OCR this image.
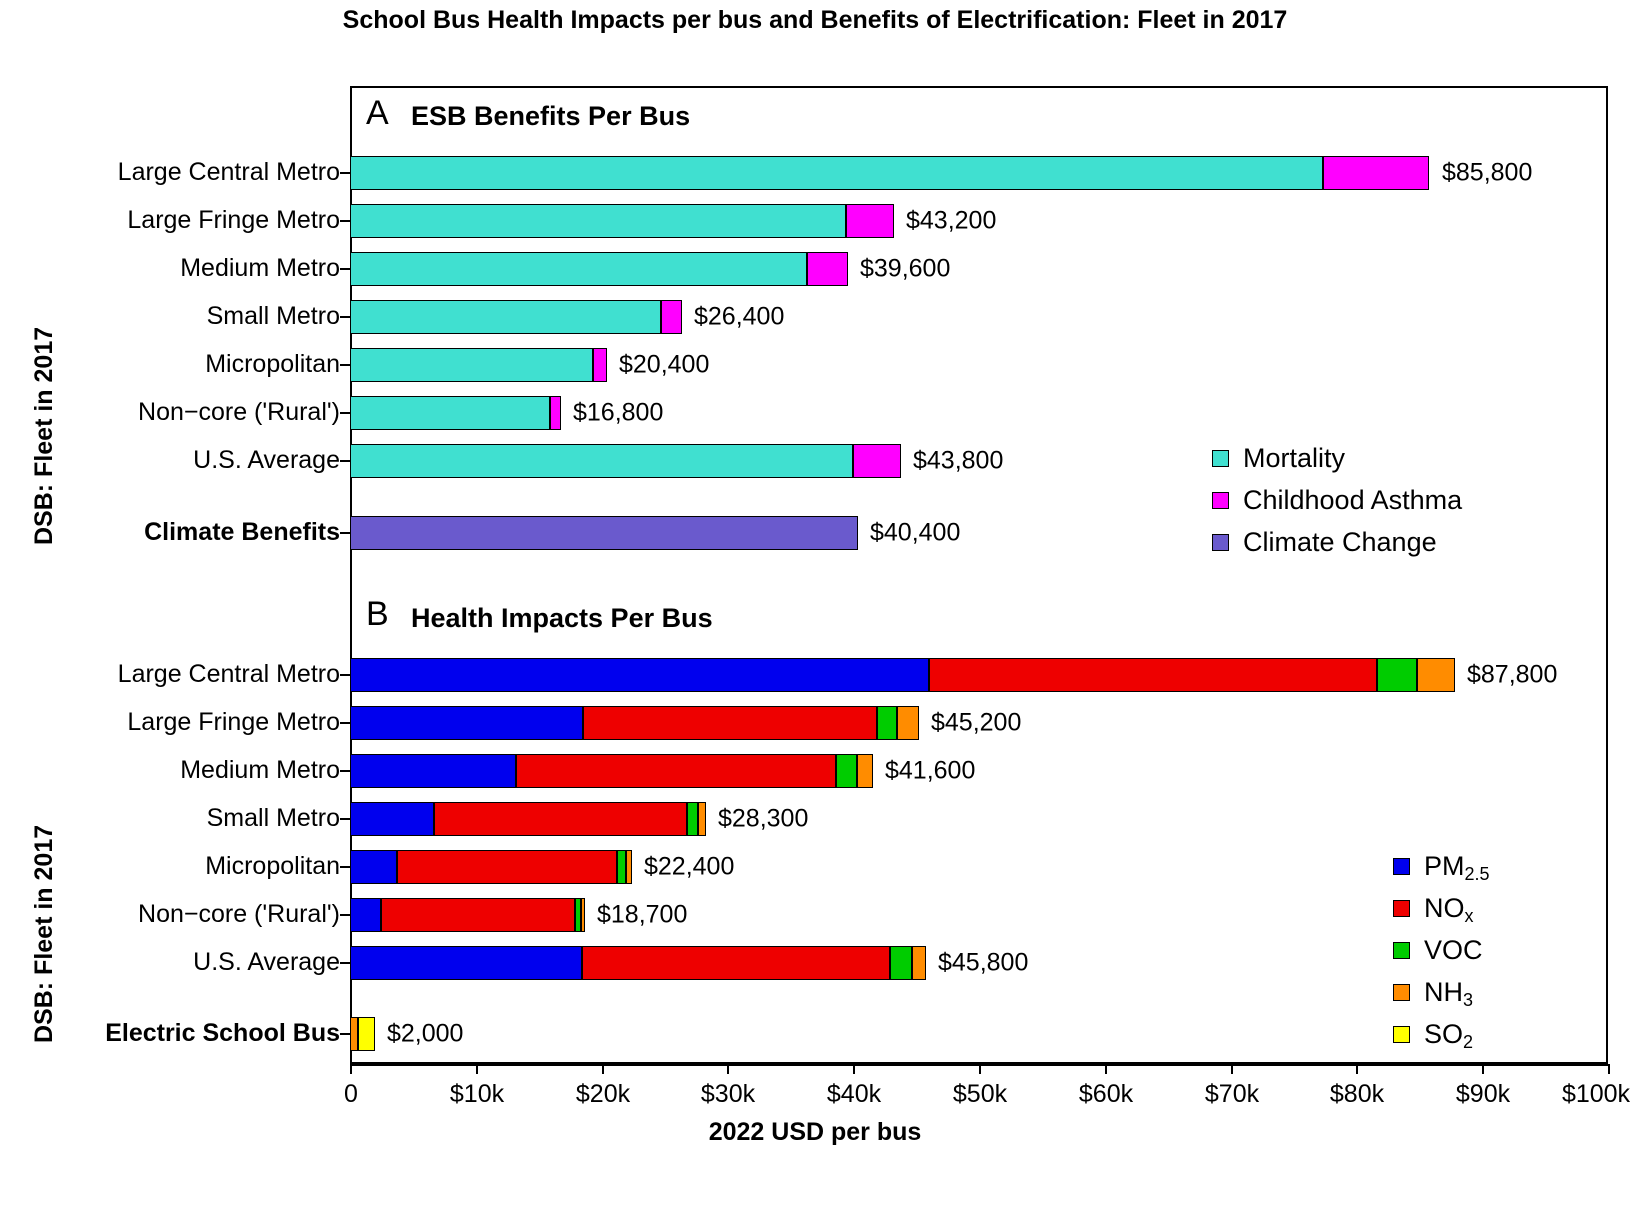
School Bus Health Impacts per bus and Benefits of Electrification: Fleet in 2017
DSB: Fleet in 2017
DSB: Fleet in 2017
A ESB Benefits Per Bus
Large Central Metro
Large Fringe Metro
Medium Metro
Small Metro
Micropolitan
Non−core ('Rural')
U.S. Average
Climate Benefits
$85,800
$43,200
$39,600
$26,400
$20,400
$16,800
$43,800
$40,400
Mortality
Childhood Asthma
Climate Change
B Health Impacts Per Bus
Large Central Metro
Large Fringe Metro
Medium Metro
Small Metro
Micropolitan
Non−core ('Rural')
U.S. Average
Electric School Bus
$87,800
$45,200
$41,600
$28,300
$22,400
$18,700
$45,800
$2,000
$PM_{2.5}$
$NO_x$
VOC
$NH_3$
$SO_2$
0	$10k	$20k	$30k	$40k	$50k	$60k	$70k	$80k	$90k $100k
2022 USD per bus
